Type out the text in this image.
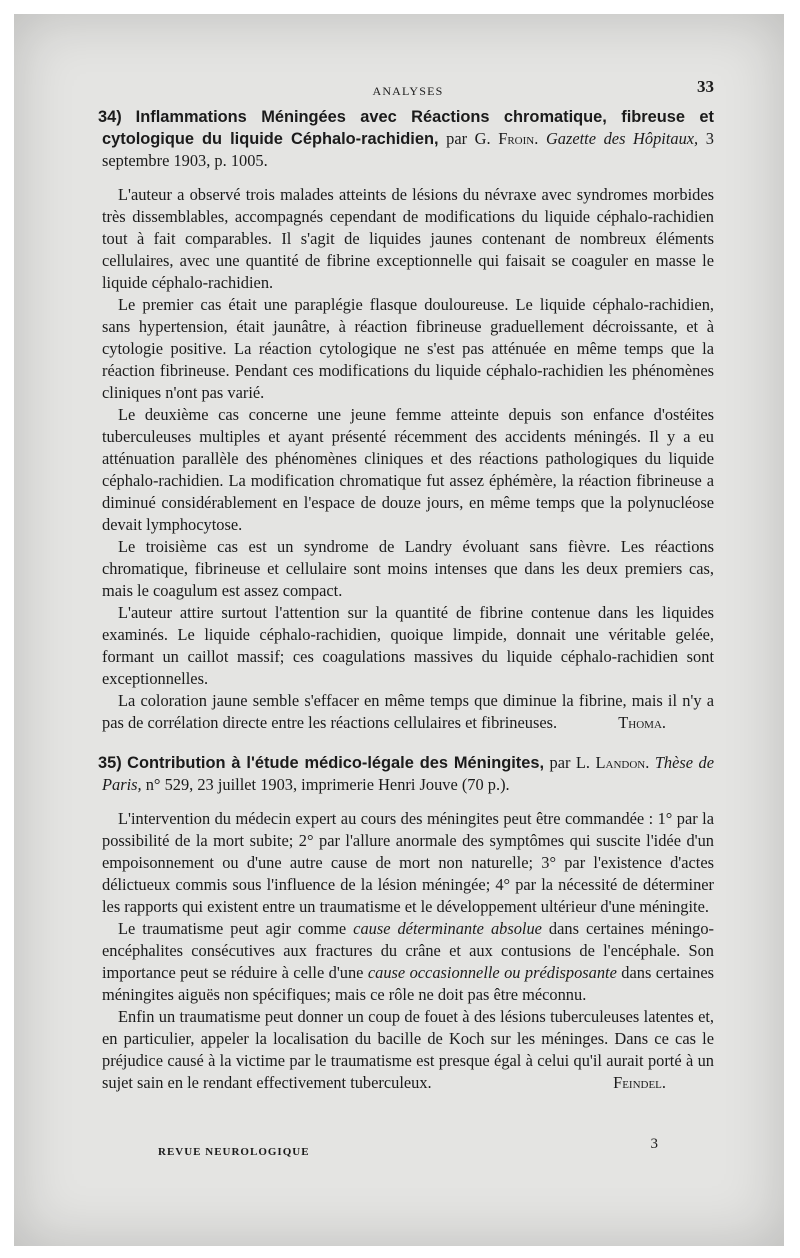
ANALYSES	33

34) Inflammations Méningées avec Réactions chromatique, fibreuse et cytologique du liquide Céphalo-rachidien, par G. Froin. Gazette des Hôpitaux, 3 septembre 1903, p. 1005.

L'auteur a observé trois malades atteints de lésions du névraxe avec syndromes morbides très dissemblables, accompagnés cependant de modifications du liquide céphalo-rachidien tout à fait comparables. Il s'agit de liquides jaunes contenant de nombreux éléments cellulaires, avec une quantité de fibrine exceptionnelle qui faisait se coaguler en masse le liquide céphalo-rachidien.

Le premier cas était une paraplégie flasque douloureuse. Le liquide céphalo-rachidien, sans hypertension, était jaunâtre, à réaction fibrineuse graduellement décroissante, et à cytologie positive. La réaction cytologique ne s'est pas atténuée en même temps que la réaction fibrineuse. Pendant ces modifications du liquide céphalo-rachidien les phénomènes cliniques n'ont pas varié.

Le deuxième cas concerne une jeune femme atteinte depuis son enfance d'ostéites tuberculeuses multiples et ayant présenté récemment des accidents méningés. Il y a eu atténuation parallèle des phénomènes cliniques et des réactions pathologiques du liquide céphalo-rachidien. La modification chromatique fut assez éphémère, la réaction fibrineuse a diminué considérablement en l'espace de douze jours, en même temps que la polynucléose devait lymphocytose.

Le troisième cas est un syndrome de Landry évoluant sans fièvre. Les réactions chromatique, fibrineuse et cellulaire sont moins intenses que dans les deux premiers cas, mais le coagulum est assez compact.

L'auteur attire surtout l'attention sur la quantité de fibrine contenue dans les liquides examinés. Le liquide céphalo-rachidien, quoique limpide, donnait une véritable gelée, formant un caillot massif; ces coagulations massives du liquide céphalo-rachidien sont exceptionnelles.

La coloration jaune semble s'effacer en même temps que diminue la fibrine, mais il n'y a pas de corrélation directe entre les réactions cellulaires et fibrineuses.	Thoma.

35) Contribution à l'étude médico-légale des Méningites, par L. Landon. Thèse de Paris, n° 529, 23 juillet 1903, imprimerie Henri Jouve (70 p.).

L'intervention du médecin expert au cours des méningites peut être commandée : 1° par la possibilité de la mort subite; 2° par l'allure anormale des symptômes qui suscite l'idée d'un empoisonnement ou d'une autre cause de mort non naturelle; 3° par l'existence d'actes délictueux commis sous l'influence de la lésion méningée; 4° par la nécessité de déterminer les rapports qui existent entre un traumatisme et le développement ultérieur d'une méningite.

Le traumatisme peut agir comme cause déterminante absolue dans certaines méningo-encéphalites consécutives aux fractures du crâne et aux contusions de l'encéphale. Son importance peut se réduire à celle d'une cause occasionnelle ou prédisposante dans certaines méningites aiguës non spécifiques; mais ce rôle ne doit pas être méconnu.

Enfin un traumatisme peut donner un coup de fouet à des lésions tuberculeuses latentes et, en particulier, appeler la localisation du bacille de Koch sur les méninges. Dans ce cas le préjudice causé à la victime par le traumatisme est presque égal à celui qu'il aurait porté à un sujet sain en le rendant effectivement tuberculeux.	Feindel.

REVUE NEUROLOGIQUE	3
